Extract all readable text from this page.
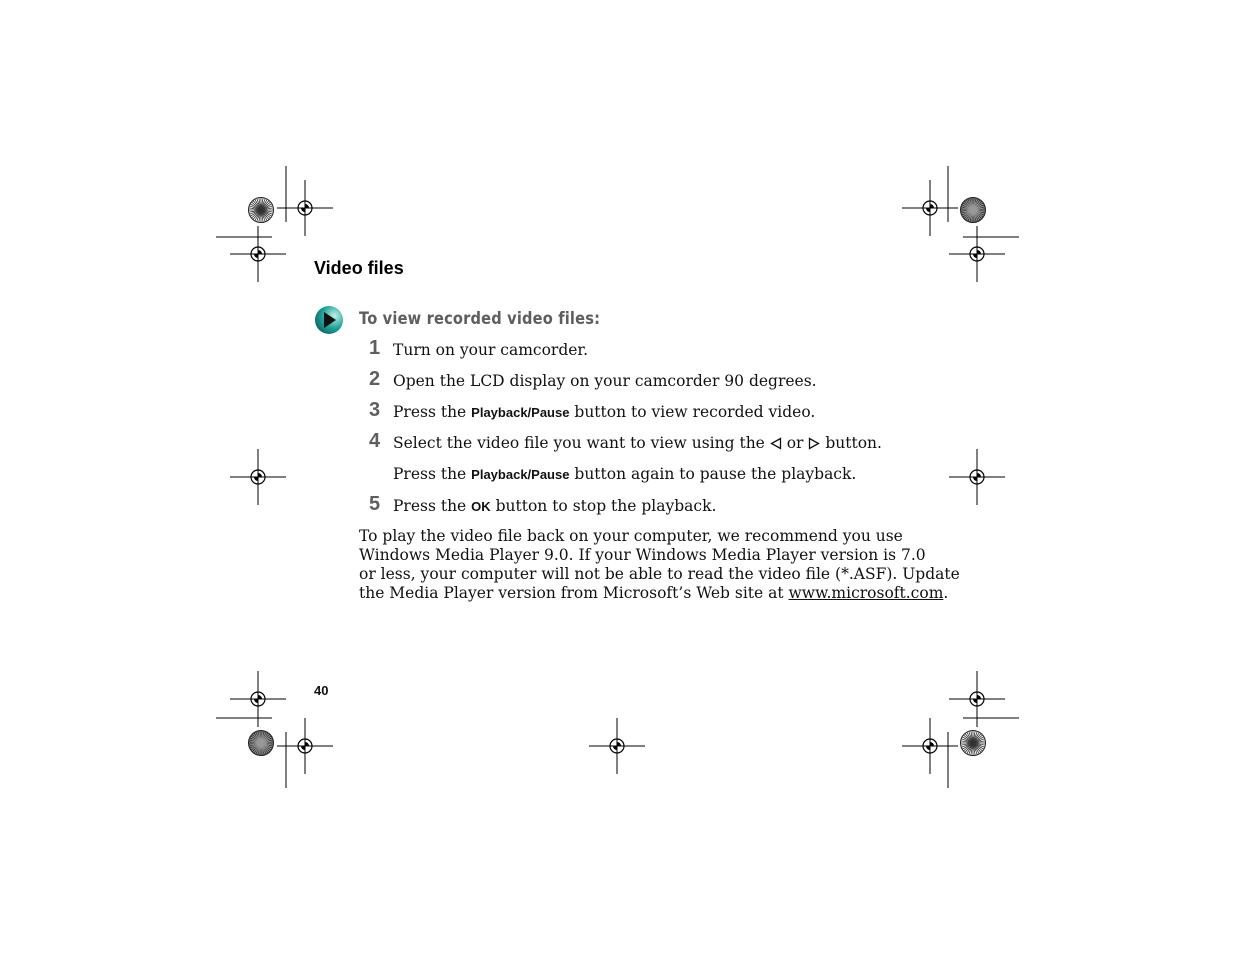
Video files
To view recorded video files:
1 Turn on your camcorder.
2 Open the LCD display on your camcorder 90 degrees.
3 Press the Playback/Pause button to view recorded video.
4 Select the video file you want to view using the  or  button.
Press the Playback/Pause button again to pause the playback.
5 Press the OK button to stop the playback.
To play the video file back on your computer, we recommend you use
Windows Media Player 9.0. If your Windows Media Player version is 7.0
or less, your computer will not be able to read the video file (*.ASF). Update
the Media Player version from Microsoft’s Web site at www.microsoft.com.
40
